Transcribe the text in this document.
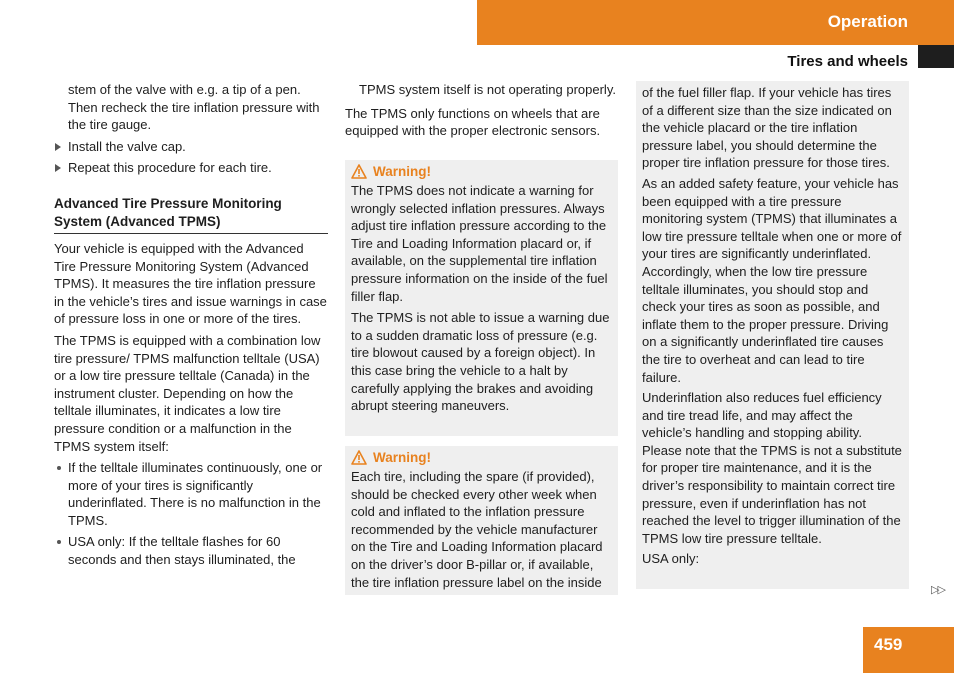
Operation
Tires and wheels

stem of the valve with e.g. a tip of a pen. Then recheck the tire inflation pressure with the tire gauge.

Install the valve cap.
Repeat this procedure for each tire.
Advanced Tire Pressure Monitoring System (Advanced TPMS)

Your vehicle is equipped with the Advanced Tire Pressure Monitoring System (Advanced TPMS). It measures the tire inflation pressure in the vehicle’s tires and issue warnings in case of pressure loss in one or more of the tires.

The TPMS is equipped with a combination low tire pressure/ TPMS malfunction telltale (USA) or a low tire pressure telltale (Canada) in the instrument cluster. Depending on how the telltale illuminates, it indicates a low tire pressure condition or a malfunction in the TPMS system itself:

If the telltale illuminates continuously, one or more of your tires is significantly underinflated. There is no malfunction in the TPMS.
USA only: If the telltale flashes for 60 seconds and then stays illuminated, the

TPMS system itself is not operating properly.

The TPMS only functions on wheels that are equipped with the proper electronic sensors.

Warning!

The TPMS does not indicate a warning for wrongly selected inflation pressures. Always adjust tire inflation pressure according to the Tire and Loading Information placard or, if available, on the supplemental tire inflation pressure information on the inside of the fuel filler flap.

The TPMS is not able to issue a warning due to a sudden dramatic loss of pressure (e.g. tire blowout caused by a foreign object). In this case bring the vehicle to a halt by carefully applying the brakes and avoiding abrupt steering maneuvers.

Warning!

Each tire, including the spare (if provided), should be checked every other week when cold and inflated to the inflation pressure recommended by the vehicle manufacturer on the Tire and Loading Information placard on the driver’s door B-pillar or, if available, the tire inflation pressure label on the inside

of the fuel filler flap. If your vehicle has tires of a different size than the size indicated on the vehicle placard or the tire inflation pressure label, you should determine the proper tire inflation pressure for those tires.

As an added safety feature, your vehicle has been equipped with a tire pressure monitoring system (TPMS) that illuminates a low tire pressure telltale when one or more of your tires are significantly underinflated. Accordingly, when the low tire pressure telltale illuminates, you should stop and check your tires as soon as possible, and inflate them to the proper pressure. Driving on a significantly underinflated tire causes the tire to overheat and can lead to tire failure.

Underinflation also reduces fuel efficiency and tire tread life, and may affect the vehicle’s handling and stopping ability. Please note that the TPMS is not a substitute for proper tire maintenance, and it is the driver’s responsibility to maintain correct tire pressure, even if underinflation has not reached the level to trigger illumination of the TPMS low tire pressure telltale.

USA only:

▷▷
459
